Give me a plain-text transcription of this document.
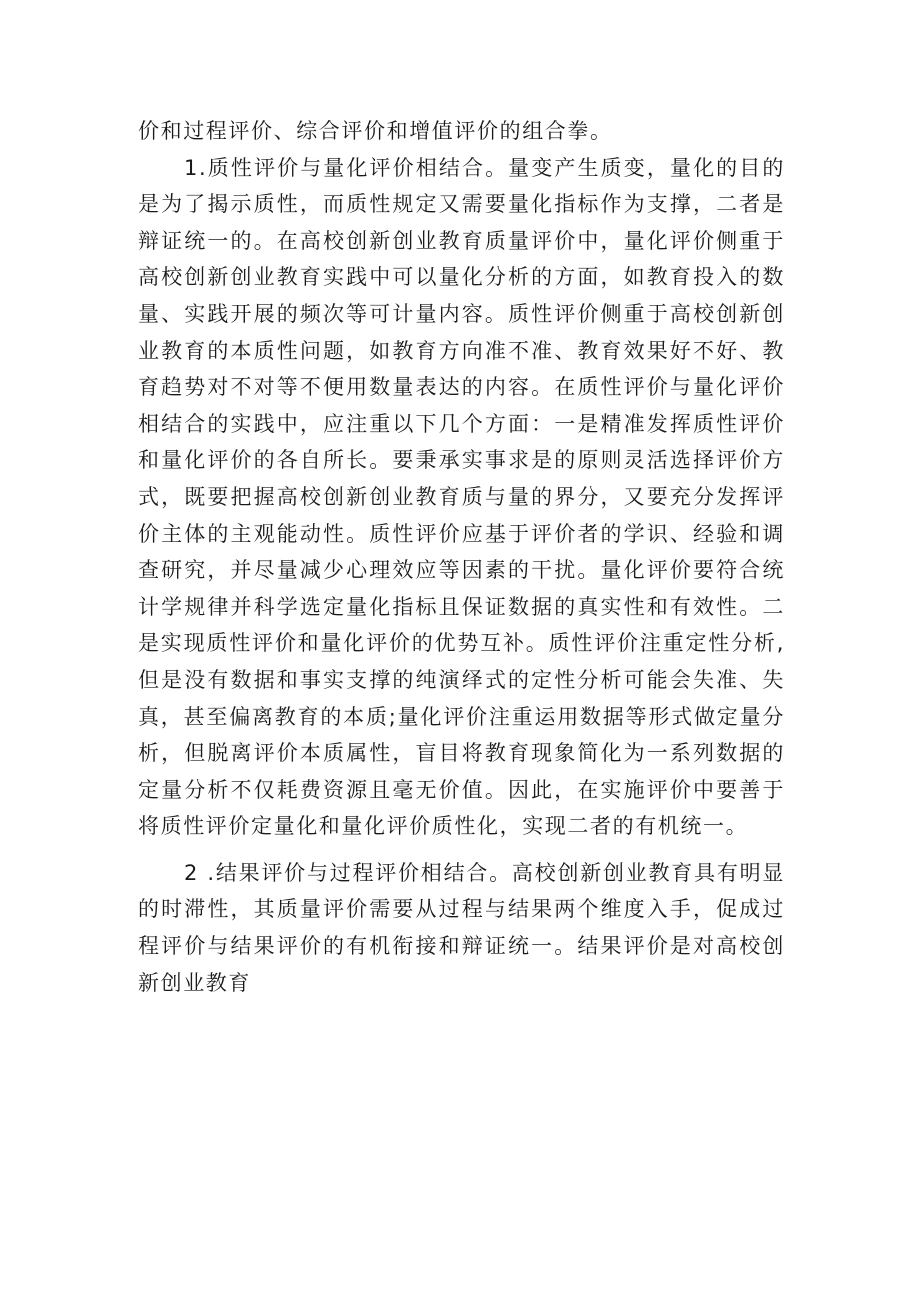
价和过程评价、综合评价和增值评价的组合拳。

1.质性评价与量化评价相结合。量变产生质变，量化的目的是为了揭示质性，而质性规定又需要量化指标作为支撑，二者是辩证统一的。在高校创新创业教育质量评价中，量化评价侧重于高校创新创业教育实践中可以量化分析的方面，如教育投入的数量、实践开展的频次等可计量内容。质性评价侧重于高校创新创业教育的本质性问题，如教育方向准不准、教育效果好不好、教育趋势对不对等不便用数量表达的内容。在质性评价与量化评价相结合的实践中，应注重以下几个方面：一是精准发挥质性评价和量化评价的各自所长。要秉承实事求是的原则灵活选择评价方式，既要把握高校创新创业教育质与量的界分，又要充分发挥评价主体的主观能动性。质性评价应基于评价者的学识、经验和调查研究，并尽量减少心理效应等因素的干扰。量化评价要符合统计学规律并科学选定量化指标且保证数据的真实性和有效性。二是实现质性评价和量化评价的优势互补。质性评价注重定性分析,但是没有数据和事实支撑的纯演绎式的定性分析可能会失准、失真，甚至偏离教育的本质;量化评价注重运用数据等形式做定量分析，但脱离评价本质属性，盲目将教育现象简化为一系列数据的定量分析不仅耗费资源且毫无价值。因此，在实施评价中要善于将质性评价定量化和量化评价质性化，实现二者的有机统一。

2 .结果评价与过程评价相结合。高校创新创业教育具有明显的时滞性，其质量评价需要从过程与结果两个维度入手，促成过程评价与结果评价的有机衔接和辩证统一。结果评价是对高校创新创业教育
